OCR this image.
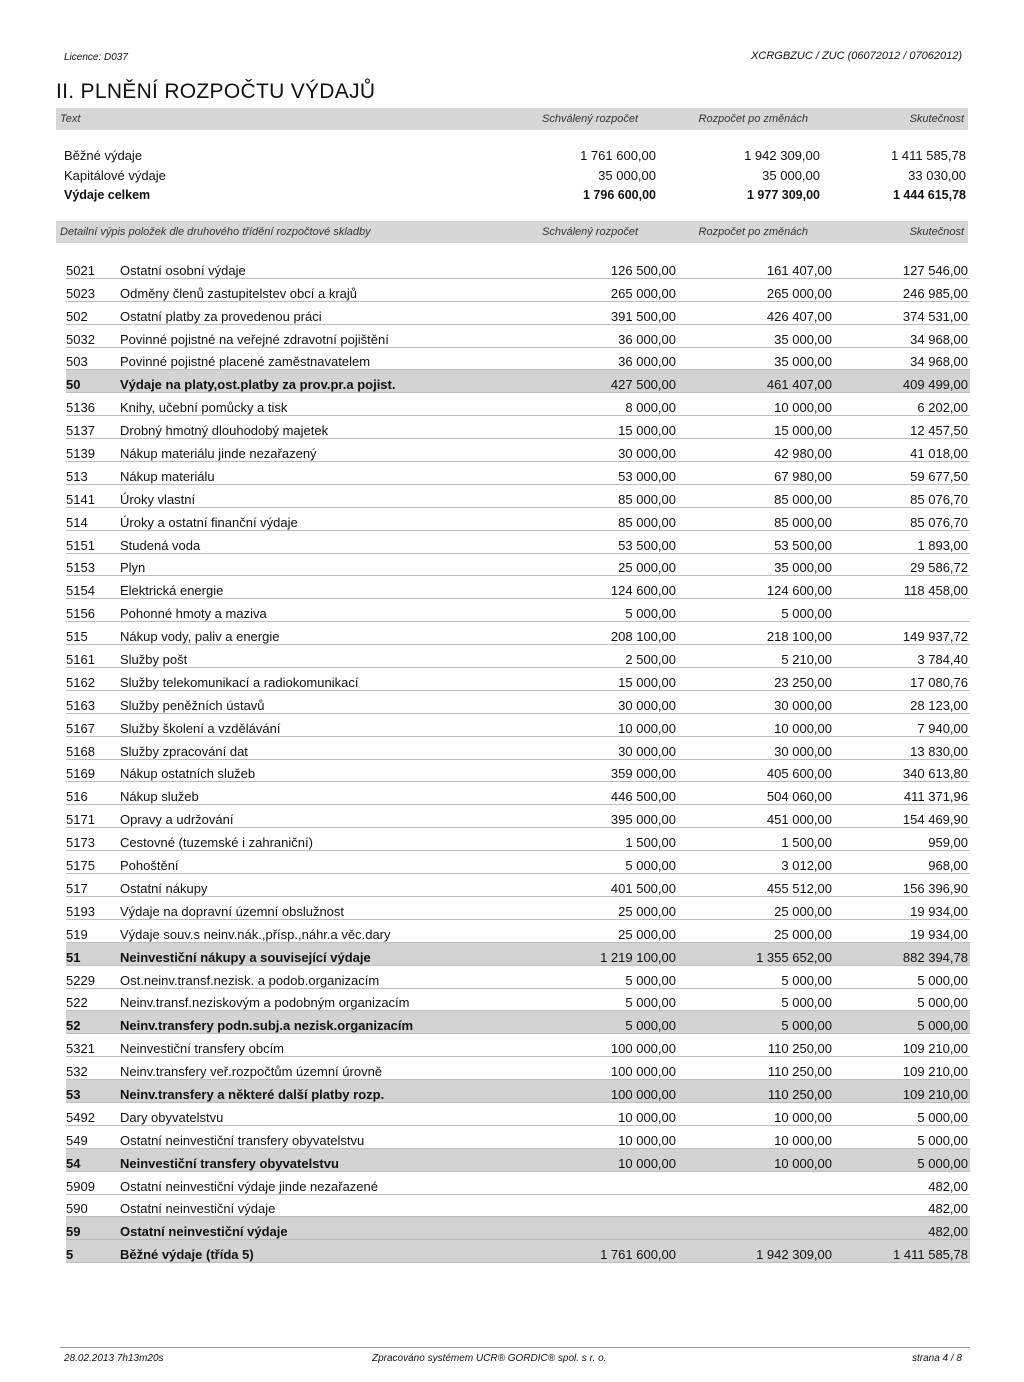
Licence: D037	XCRGBZUC / ZUC (06072012 / 07062012)
II. PLNĚNÍ ROZPOČTU VÝDAJŮ
Text	Schválený rozpočet	Rozpočet po změnách	Skutečnost
Běžné výdaje	1 761 600,00	1 942 309,00	1 411 585,78
Kapitálové výdaje	35 000,00	35 000,00	33 030,00
Výdaje celkem	1 796 600,00	1 977 309,00	1 444 615,78
Detailní výpis položek dle druhového třídění rozpočtové skladby	Schválený rozpočet	Rozpočet po změnách	Skutečnost
5021	Ostatní osobní výdaje	126 500,00	161 407,00	127 546,00
5023	Odměny členů zastupitelstev obcí a krajů	265 000,00	265 000,00	246 985,00
502	Ostatní platby za provedenou práci	391 500,00	426 407,00	374 531,00
5032	Povinné pojistné na veřejné zdravotní pojištění	36 000,00	35 000,00	34 968,00
503	Povinné pojistné placené zaměstnavatelem	36 000,00	35 000,00	34 968,00
50	Výdaje na platy,ost.platby za prov.pr.a pojist.	427 500,00	461 407,00	409 499,00
5136	Knihy, učební pomůcky a tisk	8 000,00	10 000,00	6 202,00
5137	Drobný hmotný dlouhodobý majetek	15 000,00	15 000,00	12 457,50
5139	Nákup materiálu jinde nezařazený	30 000,00	42 980,00	41 018,00
513	Nákup materiálu	53 000,00	67 980,00	59 677,50
5141	Úroky vlastní	85 000,00	85 000,00	85 076,70
514	Úroky a ostatní finanční výdaje	85 000,00	85 000,00	85 076,70
5151	Studená voda	53 500,00	53 500,00	1 893,00
5153	Plyn	25 000,00	35 000,00	29 586,72
5154	Elektrická energie	124 600,00	124 600,00	118 458,00
5156	Pohonné hmoty a maziva	5 000,00	5 000,00	
515	Nákup vody, paliv a energie	208 100,00	218 100,00	149 937,72
5161	Služby pošt	2 500,00	5 210,00	3 784,40
5162	Služby telekomunikací a radiokomunikací	15 000,00	23 250,00	17 080,76
5163	Služby peněžních ústavů	30 000,00	30 000,00	28 123,00
5167	Služby školení a vzdělávání	10 000,00	10 000,00	7 940,00
5168	Služby zpracování dat	30 000,00	30 000,00	13 830,00
5169	Nákup ostatních služeb	359 000,00	405 600,00	340 613,80
516	Nákup služeb	446 500,00	504 060,00	411 371,96
5171	Opravy a udržování	395 000,00	451 000,00	154 469,90
5173	Cestovné (tuzemské i zahraniční)	1 500,00	1 500,00	959,00
5175	Pohoštění	5 000,00	3 012,00	968,00
517	Ostatní nákupy	401 500,00	455 512,00	156 396,90
5193	Výdaje na dopravní územní obslužnost	25 000,00	25 000,00	19 934,00
519	Výdaje souv.s neinv.nák.,přísp.,náhr.a věc.dary	25 000,00	25 000,00	19 934,00
51	Neinvestiční nákupy a související výdaje	1 219 100,00	1 355 652,00	882 394,78
5229	Ost.neinv.transf.nezisk. a podob.organizacím	5 000,00	5 000,00	5 000,00
522	Neinv.transf.neziskovým a podobným organizacím	5 000,00	5 000,00	5 000,00
52	Neinv.transfery podn.subj.a nezisk.organizacím	5 000,00	5 000,00	5 000,00
5321	Neinvestiční transfery obcím	100 000,00	110 250,00	109 210,00
532	Neinv.transfery veř.rozpočtům územní úrovně	100 000,00	110 250,00	109 210,00
53	Neinv.transfery a některé další platby rozp.	100 000,00	110 250,00	109 210,00
5492	Dary obyvatelstvu	10 000,00	10 000,00	5 000,00
549	Ostatní neinvestiční transfery obyvatelstvu	10 000,00	10 000,00	5 000,00
54	Neinvestiční transfery obyvatelstvu	10 000,00	10 000,00	5 000,00
5909	Ostatní neinvestiční výdaje jinde nezařazené			482,00
590	Ostatní neinvestiční výdaje			482,00
59	Ostatní neinvestiční výdaje			482,00
5	Běžné výdaje (třída 5)	1 761 600,00	1 942 309,00	1 411 585,78
28.02.2013 7h13m20s	Zpracováno systémem UCR® GORDIC® spol. s r. o.	strana 4 / 8
